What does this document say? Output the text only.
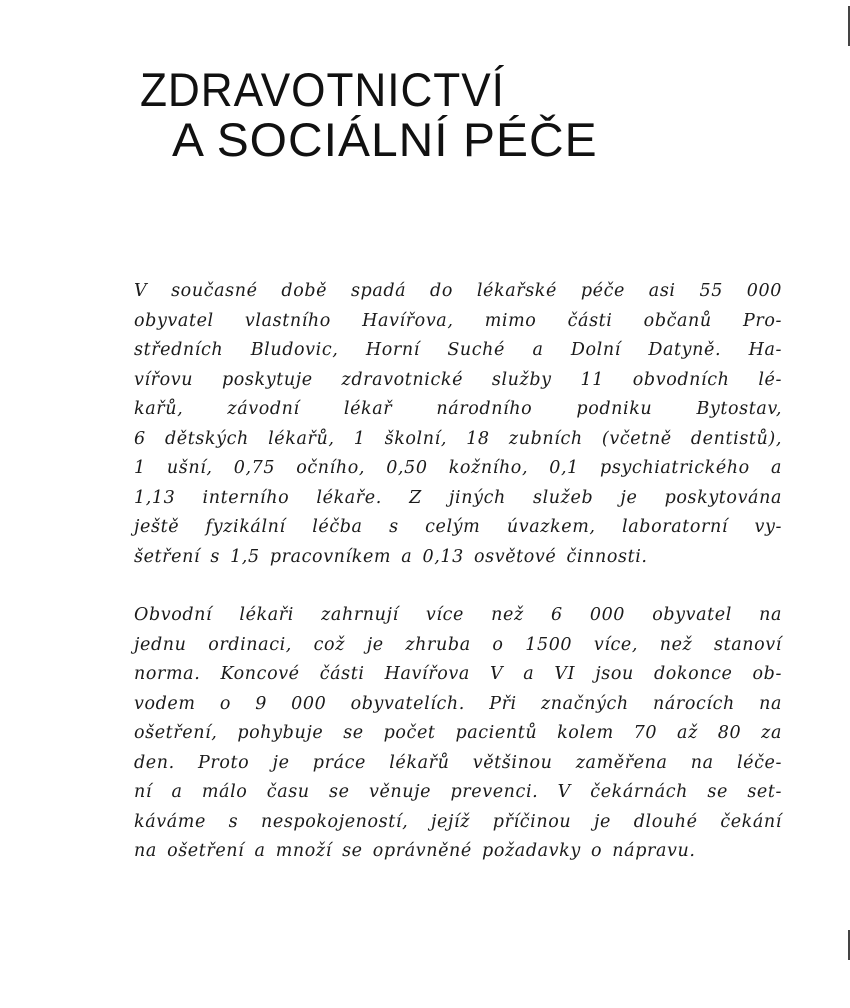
ZDRAVOTNICTVÍ
A SOCIÁLNÍ PÉČE

V současné době spadá do lékařské péče asi 55 000
obyvatel vlastního Havířova, mimo části občanů Pro-
středních Bludovic, Horní Suché a Dolní Datyně. Ha-
vířovu poskytuje zdravotnické služby 11 obvodních lé-
kařů, závodní lékař národního podniku Bytostav,
6 dětských lékařů, 1 školní, 18 zubních (včetně dentistů),
1 ušní, 0,75 očního, 0,50 kožního, 0,1 psychiatrického a
1,13 interního lékaře. Z jiných služeb je poskytována
ještě fyzikální léčba s celým úvazkem, laboratorní vy-
šetření s 1,5 pracovníkem a 0,13 osvětové činnosti.

Obvodní lékaři zahrnují více než 6 000 obyvatel na
jednu ordinaci, což je zhruba o 1500 více, než stanoví
norma. Koncové části Havířova V a VI jsou dokonce ob-
vodem o 9 000 obyvatelích. Při značných nárocích na
ošetření, pohybuje se počet pacientů kolem 70 až 80 za
den. Proto je práce lékařů většinou zaměřena na léče-
ní a málo času se věnuje prevenci. V čekárnách se set-
káváme s nespokojeností, jejíž příčinou je dlouhé čekání
na ošetření a množí se oprávněné požadavky o nápravu.
